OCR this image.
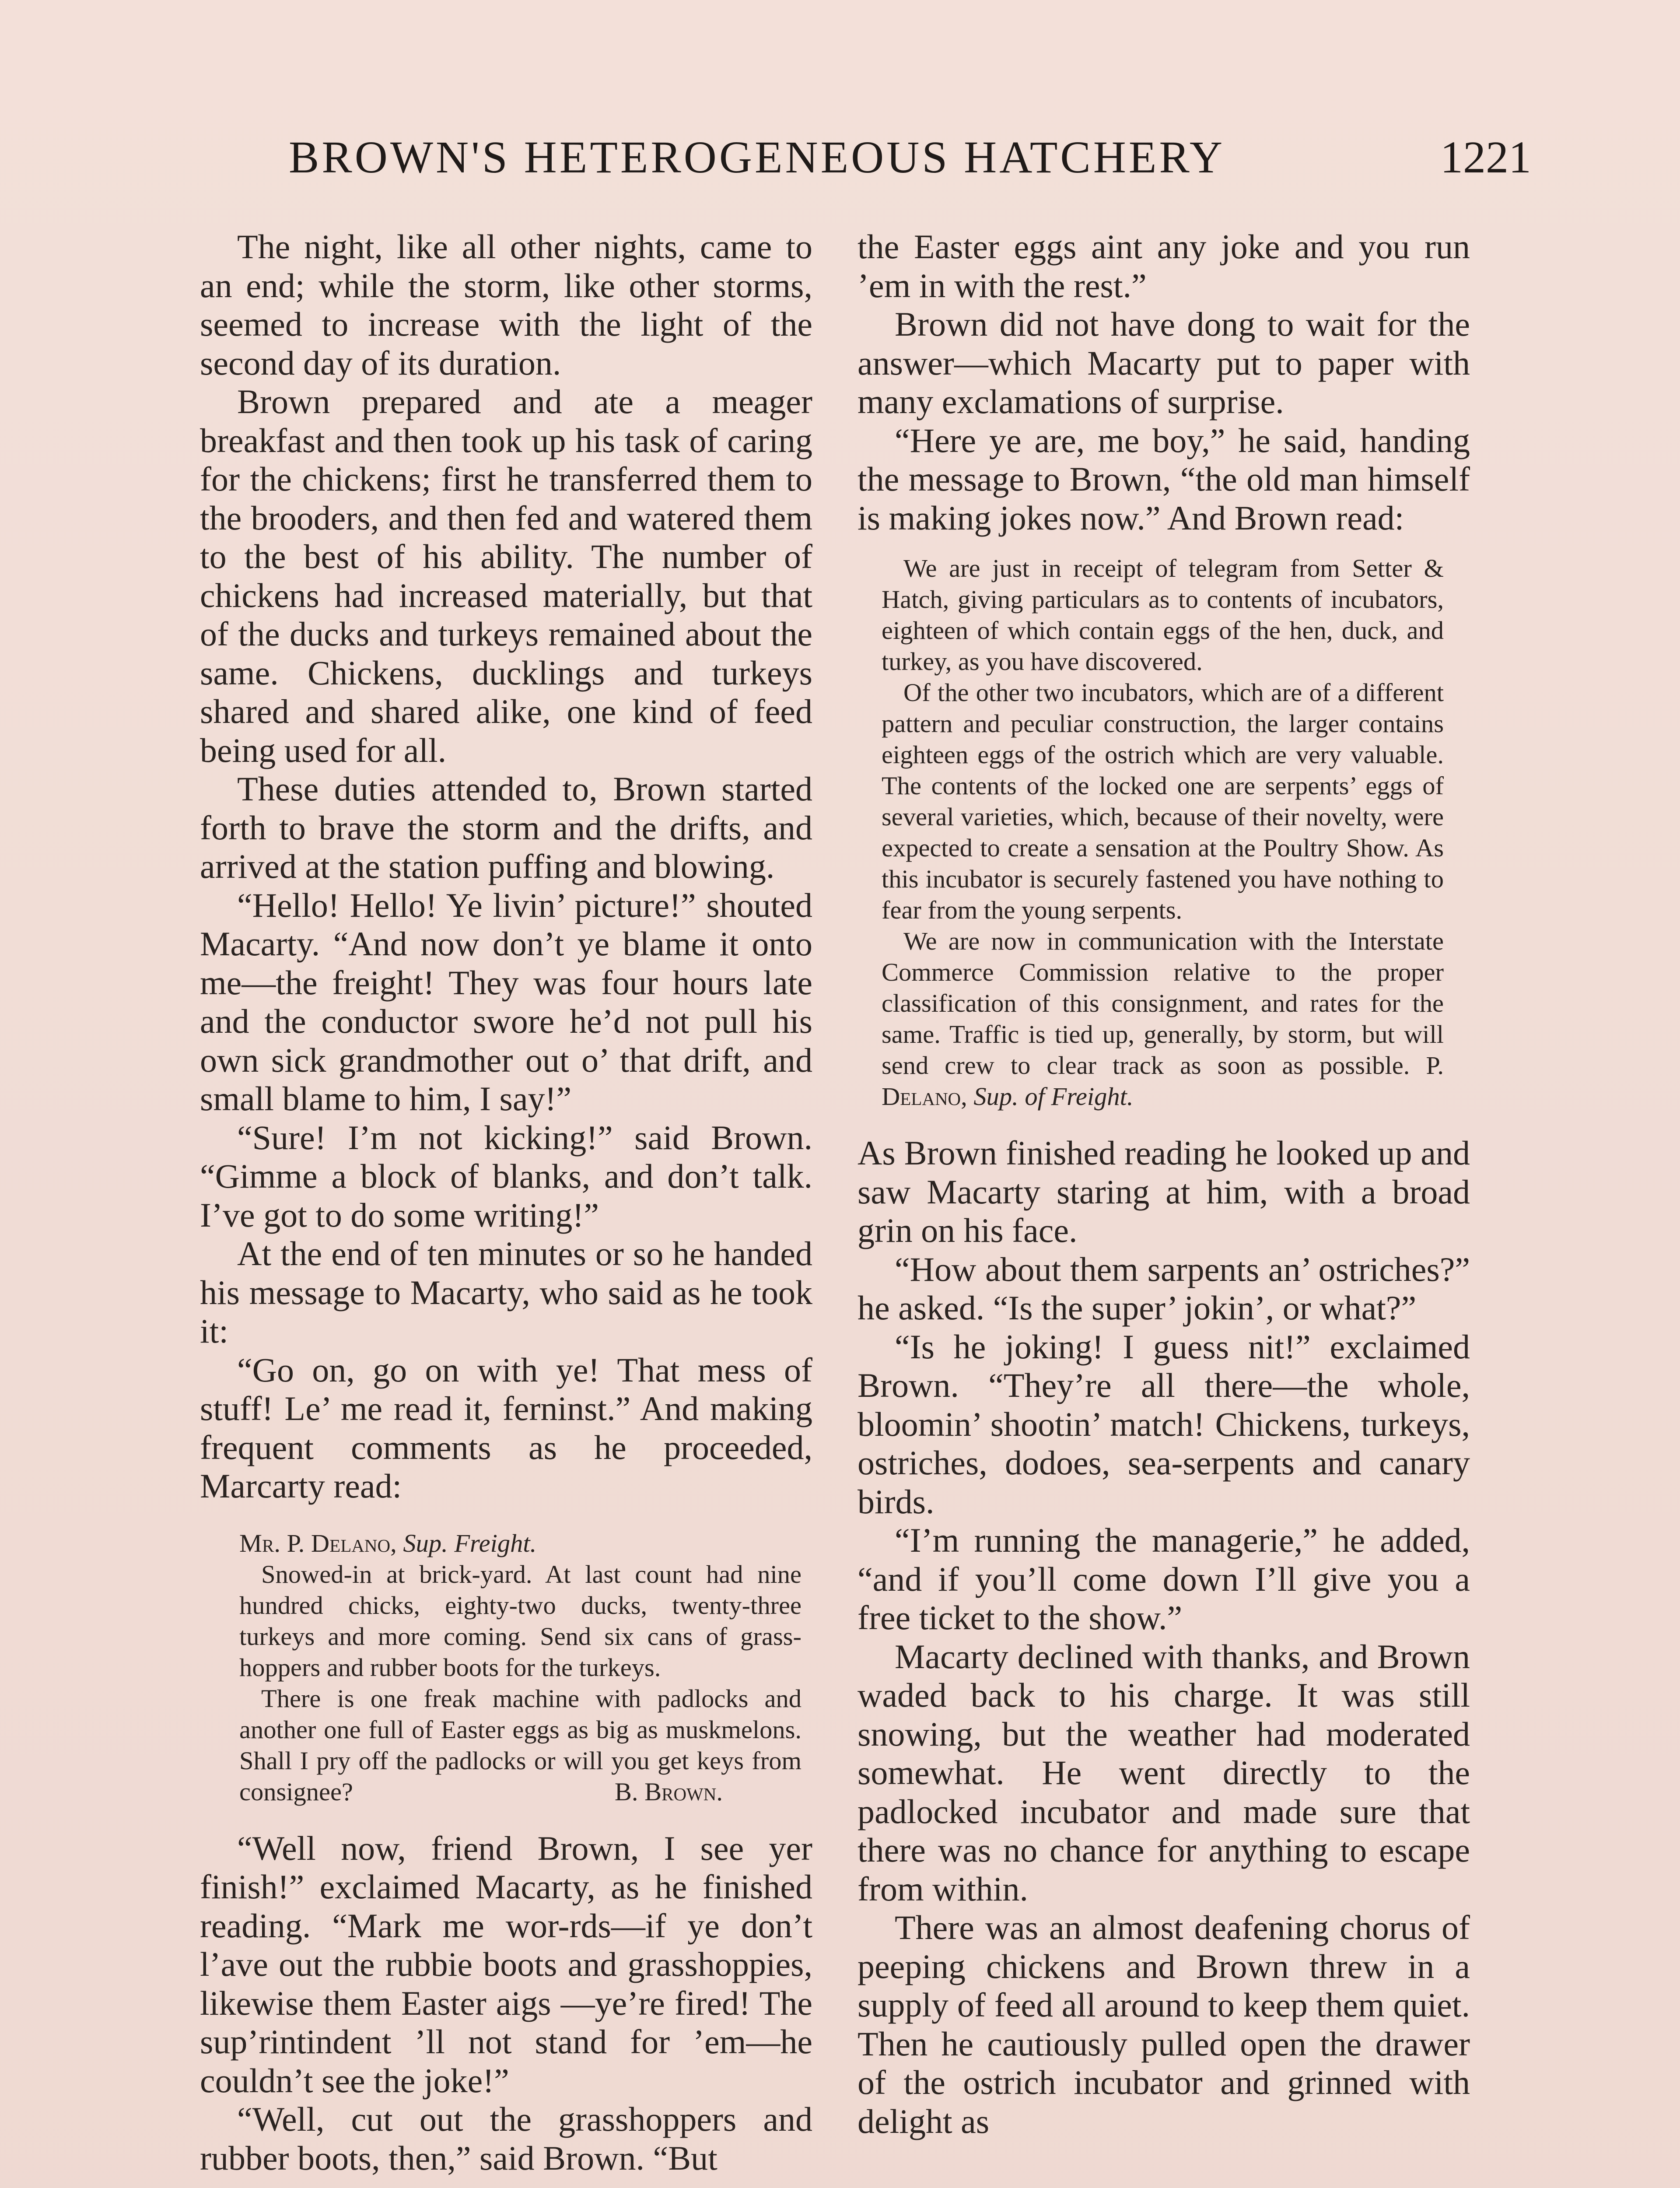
BROWN'S HETEROGENEOUS HATCHERY	1221

The night, like all other nights, came to an end; while the storm, like other storms, seemed to increase with the light of the second day of its duration.

Brown prepared and ate a meager breakfast and then took up his task of caring for the chickens; first he transferred them to the brooders, and then fed and watered them to the best of his ability. The number of chickens had increased materially, but that of the ducks and turkeys remained about the same. Chickens, ducklings and turkeys shared and shared alike, one kind of feed being used for all.

These duties attended to, Brown started forth to brave the storm and the drifts, and arrived at the station puffing and blowing.

“Hello! Hello! Ye livin’ picture!” shouted Macarty. “And now don’t ye blame it onto me—the freight! They was four hours late and the conductor swore he’d not pull his own sick grandmother out o’ that drift, and small blame to him, I say!”

“Sure! I’m not kicking!” said Brown. “Gimme a block of blanks, and don’t talk. I’ve got to do some writing!”

At the end of ten minutes or so he handed his message to Macarty, who said as he took it:

“Go on, go on with ye! That mess of stuff! Le’ me read it, ferninst.” And making frequent comments as he proceeded, Marcarty read:

Mr. P. Delano, Sup. Freight.

Snowed-in at brick-yard. At last count had nine hundred chicks, eighty-two ducks, twenty-three turkeys and more coming. Send six cans of grasshoppers and rubber boots for the turkeys.

There is one freak machine with padlocks and another one full of Easter eggs as big as muskmelons. Shall I pry off the padlocks or will you get keys from consignee?	B. Brown.

“Well now, friend Brown, I see yer finish!” exclaimed Macarty, as he finished reading. “Mark me wor-rds—if ye don’t l’ave out the rubbie boots and grasshoppies, likewise them Easter aigs —ye’re fired! The sup’rintindent ’ll not stand for ’em—he couldn’t see the joke!”

“Well, cut out the grasshoppers and rubber boots, then,” said Brown. “But

the Easter eggs aint any joke and you run ’em in with the rest.”

Brown did not have dong to wait for the answer—which Macarty put to paper with many exclamations of surprise.

“Here ye are, me boy,” he said, handing the message to Brown, “the old man himself is making jokes now.” And Brown read:

We are just in receipt of telegram from Setter & Hatch, giving particulars as to contents of incubators, eighteen of which contain eggs of the hen, duck, and turkey, as you have discovered.

Of the other two incubators, which are of a different pattern and peculiar construction, the larger contains eighteen eggs of the ostrich which are very valuable. The contents of the locked one are serpents’ eggs of several varieties, which, because of their novelty, were expected to create a sensation at the Poultry Show. As this incubator is securely fastened you have nothing to fear from the young serpents.

We are now in communication with the Interstate Commerce Commission relative to the proper classification of this consignment, and rates for the same. Traffic is tied up, generally, by storm, but will send crew to clear track as soon as possible. P. Delano, Sup. of Freight.

As Brown finished reading he looked up and saw Macarty staring at him, with a broad grin on his face.

“How about them sarpents an’ ostriches?” he asked. “Is the super’ jokin’, or what?”

“Is he joking! I guess nit!” exclaimed Brown. “They’re all there—the whole, bloomin’ shootin’ match! Chickens, turkeys, ostriches, dodoes, sea-serpents and canary birds.

“I’m running the managerie,” he added, “and if you’ll come down I’ll give you a free ticket to the show.”

Macarty declined with thanks, and Brown waded back to his charge. It was still snowing, but the weather had moderated somewhat. He went directly to the padlocked incubator and made sure that there was no chance for anything to escape from within.

There was an almost deafening chorus of peeping chickens and Brown threw in a supply of feed all around to keep them quiet. Then he cautiously pulled open the drawer of the ostrich incubator and grinned with delight as
